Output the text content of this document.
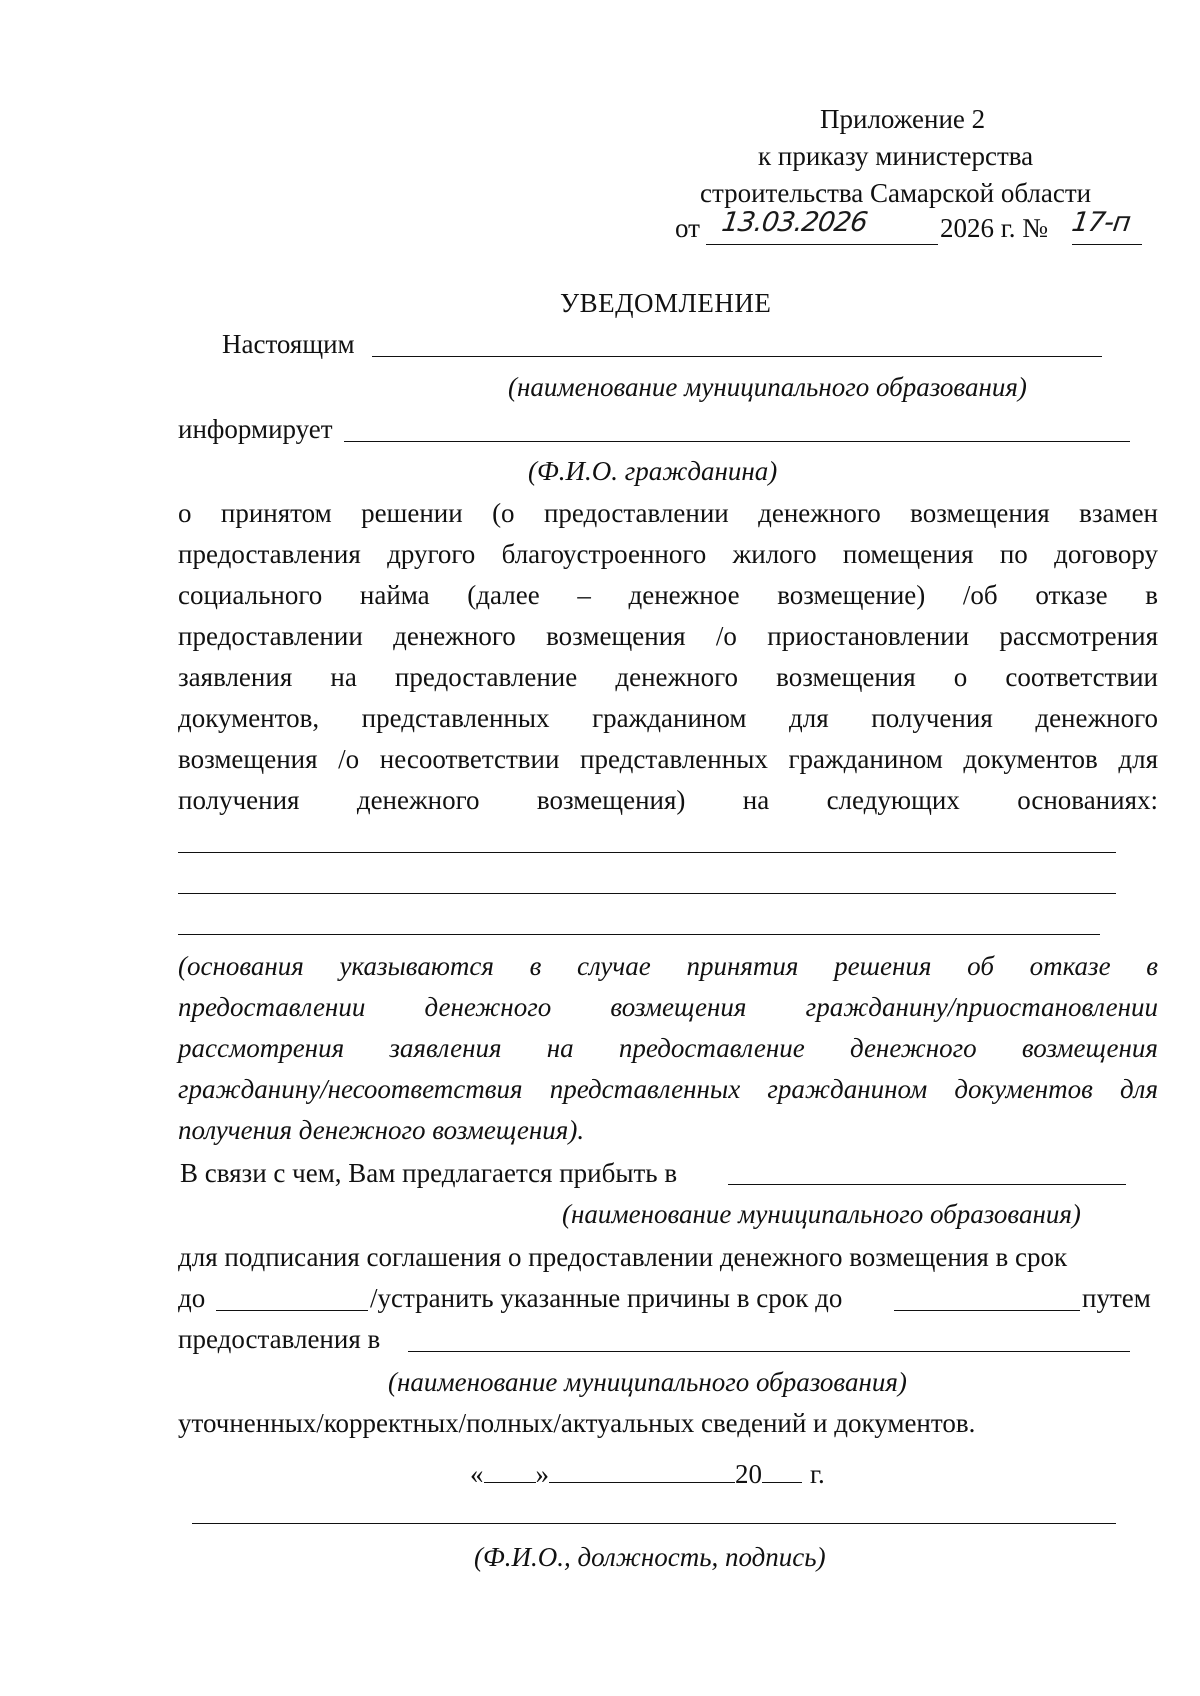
Приложение 2
к приказу министерства
строительства Самарской области
от 13.03.2026	2026 г. № 17-п
УВЕДОМЛЕНИЕ
Настоящим
(наименование муниципального образования)
информирует
(Ф.И.О. гражданина)
о принятом решении (о предоставлении денежного возмещения взамен
предоставления другого благоустроенного жилого помещения по договору
социального найма (далее – денежное возмещение) /об отказе в
предоставлении денежного возмещения /о приостановлении рассмотрения
заявления на предоставление денежного возмещения о соответствии
документов, представленных гражданином для получения денежного
возмещения /о несоответствии представленных гражданином документов для
получения денежного возмещения) на следующих основаниях:
(основания указываются в случае принятия решения об отказе в
предоставлении денежного возмещения гражданину/приостановлении
рассмотрения заявления на предоставление денежного возмещения
гражданину/несоответствия представленных гражданином документов для
получения денежного возмещения).
В связи с чем, Вам предлагается прибыть в
(наименование муниципального образования)
для подписания соглашения о предоставлении денежного возмещения в срок
до	/устранить указанные причины в срок до	путем
предоставления в
(наименование муниципального образования)
уточненных/корректных/полных/актуальных сведений и документов.
« »	20 г.
(Ф.И.О., должность, подпись)
